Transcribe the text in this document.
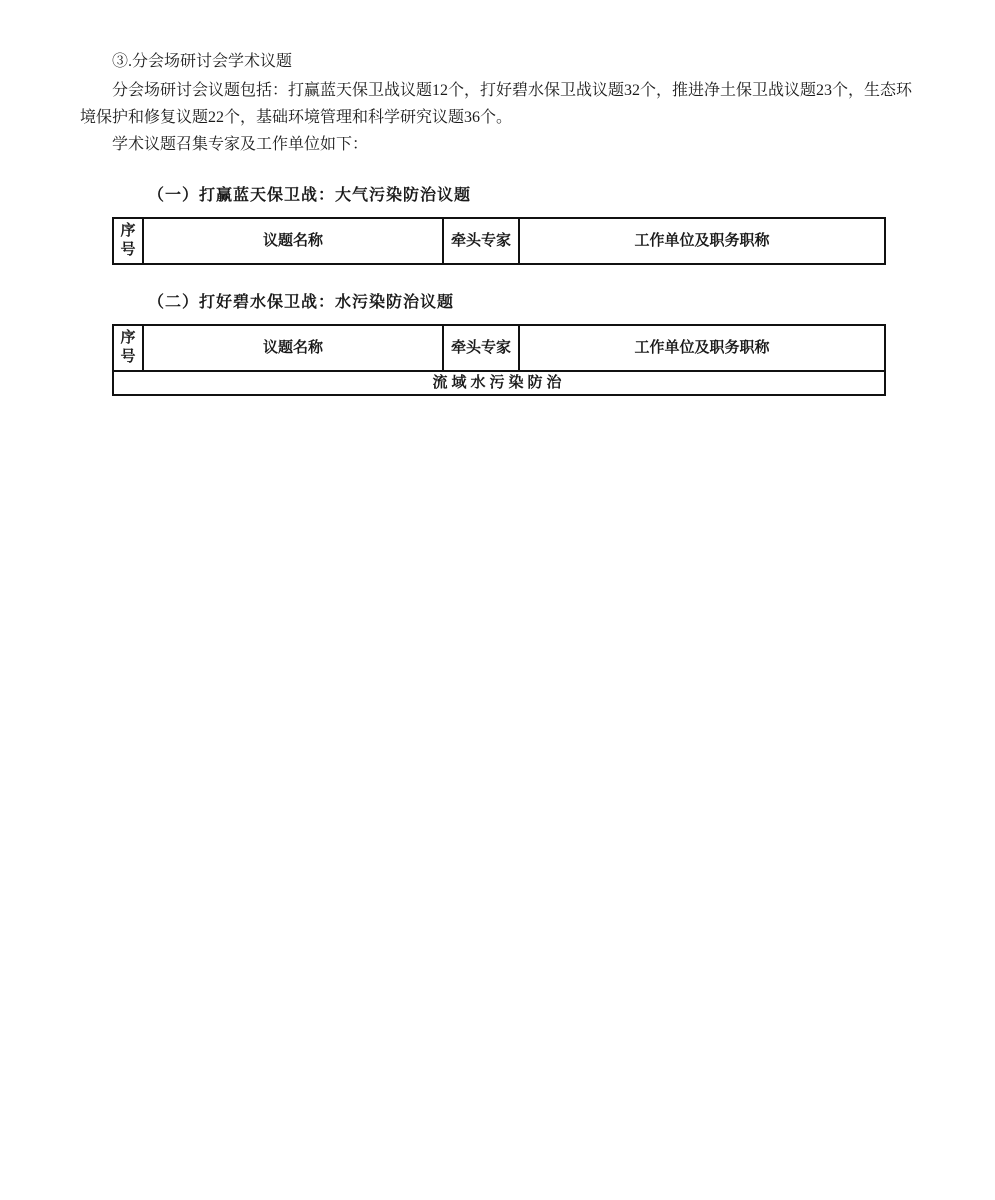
③.分会场研讨会学术议题

分会场研讨会议题包括：打赢蓝天保卫战议题12个，打好碧水保卫战议题32个，推进净土保卫战议题23个，生态环境保护和修复议题22个，基础环境管理和科学研究议题36个。

学术议题召集专家及工作单位如下：

（一）打赢蓝天保卫战：大气污染防治议题
序号	议题名称	牵头专家	工作单位及职务职称
（二）打好碧水保卫战：水污染防治议题
序号	议题名称	牵头专家	工作单位及职务职称
流域水污染防治
